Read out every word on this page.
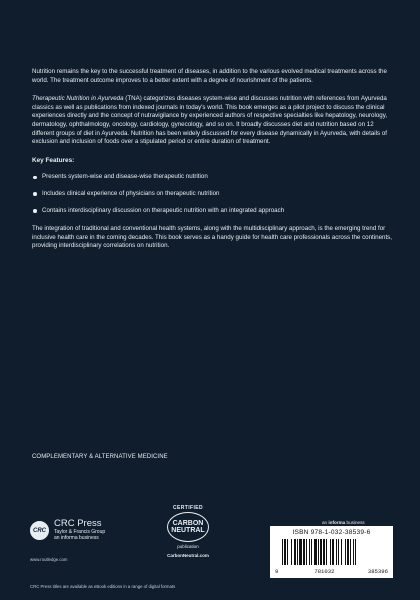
Nutrition remains the key to the successful treatment of diseases, in addition to the various evolved medical treatments across the world. The treatment outcome improves to a better extent with a degree of nourishment of the patients.

Therapeutic Nutrition in Ayurveda (TNA) categorizes diseases system-wise and discusses nutrition with references from Ayurveda classics as well as publications from indexed journals in today's world. This book emerges as a pilot project to discuss the clinical experiences directly and the concept of nutravigilance by experienced authors of respective specialties like hepatology, neurology, dermatology, ophthalmology, oncology, cardiology, gynecology, and so on. It broadly discusses diet and nutrition based on 12 different groups of diet in Ayurveda. Nutrition has been widely discussed for every disease dynamically in Ayurveda, with details of exclusion and inclusion of foods over a stipulated period or entire duration of treatment.

Key Features:
Presents system-wise and disease-wise therapeutic nutrition
Includes clinical experience of physicians on therapeutic nutrition
Contains interdisciplinary discussion on therapeutic nutrition with an integrated approach

The integration of traditional and conventional health systems, along with the multidisciplinary approach, is the emerging trend for inclusive health care in the coming decades. This book serves as a handy guide for health care professionals across the continents, providing interdisciplinary correlations on nutrition.

COMPLEMENTARY & ALTERNATIVE MEDICINE
CRC
CRC Press
Taylor & Francis Group
an informa business
www.routledge.com
CRC Press titles are available as eBook editions in a range of digital formats
CERTIFIED
CARBON
NEUTRAL
publication
CarbonNeutral.com
an informa business
ISBN 978-1-032-38539-6
9	781032	385396
